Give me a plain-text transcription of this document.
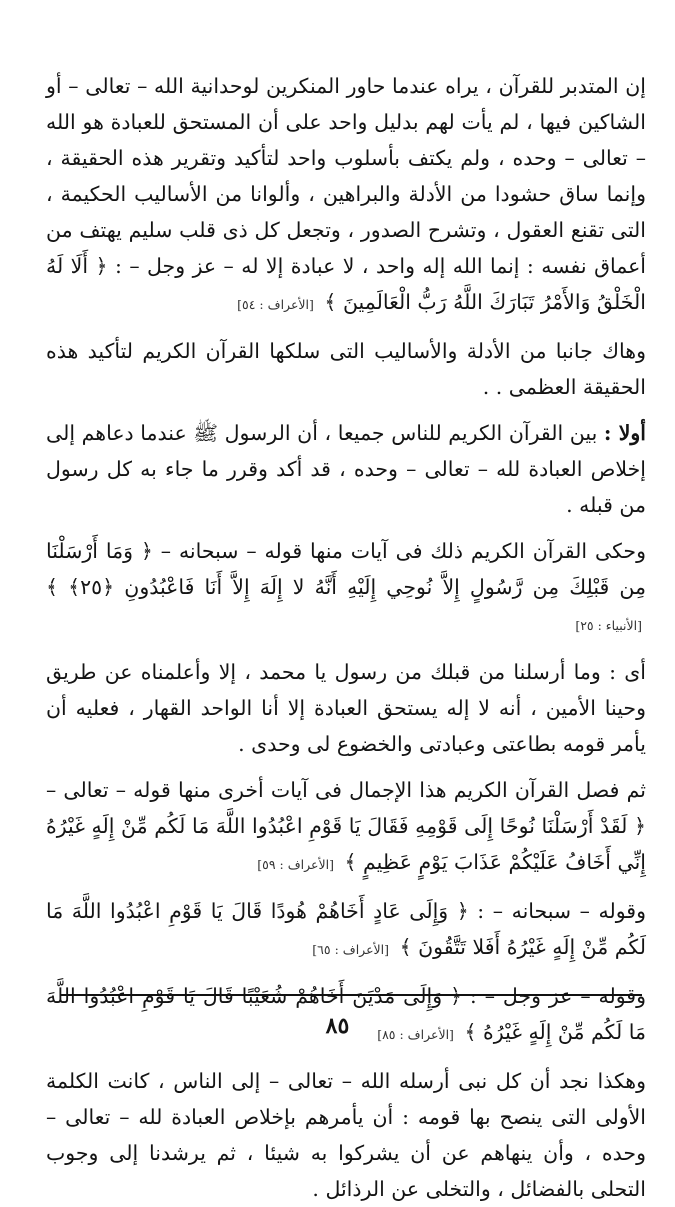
إن المتدبر للقرآن ، يراه عندما حاور المنكرين لوحدانية الله – تعالى – أو الشاكين فيها ، لم يأت لهم بدليل واحد على أن المستحق للعبادة هو الله – تعالى – وحده ، ولم يكتف بأسلوب واحد لتأكيد وتقرير هذه الحقيقة ، وإنما ساق حشودا من الأدلة والبراهين ، وألوانا من الأساليب الحكيمة ، التى تقنع العقول ، وتشرح الصدور ، وتجعل كل ذى قلب سليم يهتف من أعماق نفسه : إنما الله إله واحد ، لا عبادة إلا له – عز وجل – : ﴿ أَلَا لَهُ الْخَلْقُ وَالأَمْرُ تَبَارَكَ اللَّهُ رَبُّ الْعَالَمِينَ ﴾ [الأعراف : ٥٤]

وهاك جانبا من الأدلة والأساليب التى سلكها القرآن الكريم لتأكيد هذه الحقيقة العظمى . .

أولا : بين القرآن الكريم للناس جميعا ، أن الرسول ﷺ عندما دعاهم إلى إخلاص العبادة لله – تعالى – وحده ، قد أكد وقرر ما جاء به كل رسول من قبله .

وحكى القرآن الكريم ذلك فى آيات منها قوله – سبحانه – ﴿ وَمَا أَرْسَلْنَا مِن قَبْلِكَ مِن رَّسُولٍ إِلاَّ نُوحِي إِلَيْهِ أَنَّهُ لا إِلَهَ إِلاَّ أَنَا فَاعْبُدُونِ ﴿٢٥﴾ ﴾ [الأنبياء : ٢٥]

أى : وما أرسلنا من قبلك من رسول يا محمد ، إلا وأعلمناه عن طريق وحينا الأمين ، أنه لا إله يستحق العبادة إلا أنا الواحد القهار ، فعليه أن يأمر قومه بطاعتى وعبادتى والخضوع لى وحدى .

ثم فصل القرآن الكريم هذا الإجمال فى آيات أخرى منها قوله – تعالى – ﴿ لَقَدْ أَرْسَلْنَا نُوحًا إِلَى قَوْمِهِ فَقَالَ يَا قَوْمِ اعْبُدُوا اللَّهَ مَا لَكُم مِّنْ إِلَهٍ غَيْرُهُ إِنِّي أَخَافُ عَلَيْكُمْ عَذَابَ يَوْمٍ عَظِيمٍ ﴾ [الأعراف : ٥٩]

وقوله – سبحانه – : ﴿ وَإِلَى عَادٍ أَخَاهُمْ هُودًا قَالَ يَا قَوْمِ اعْبُدُوا اللَّهَ مَا لَكُم مِّنْ إِلَهٍ غَيْرُهُ أَفَلا تَتَّقُونَ ﴾ [الأعراف : ٦٥]

وقوله – عز وجل – : ﴿ وَإِلَى مَدْيَنَ أَخَاهُمْ شُعَيْبًا قَالَ يَا قَوْمِ اعْبُدُوا اللَّهَ مَا لَكُم مِّنْ إِلَهٍ غَيْرُهُ ﴾ [الأعراف : ٨٥]

وهكذا نجد أن كل نبى أرسله الله – تعالى – إلى الناس ، كانت الكلمة الأولى التى ينصح بها قومه : أن يأمرهم بإخلاص العبادة لله – تعالى – وحده ، وأن ينهاهم عن أن يشركوا به شيئا ، ثم يرشدنا إلى وجوب التحلى بالفضائل ، والتخلى عن الرذائل .

٨٥
